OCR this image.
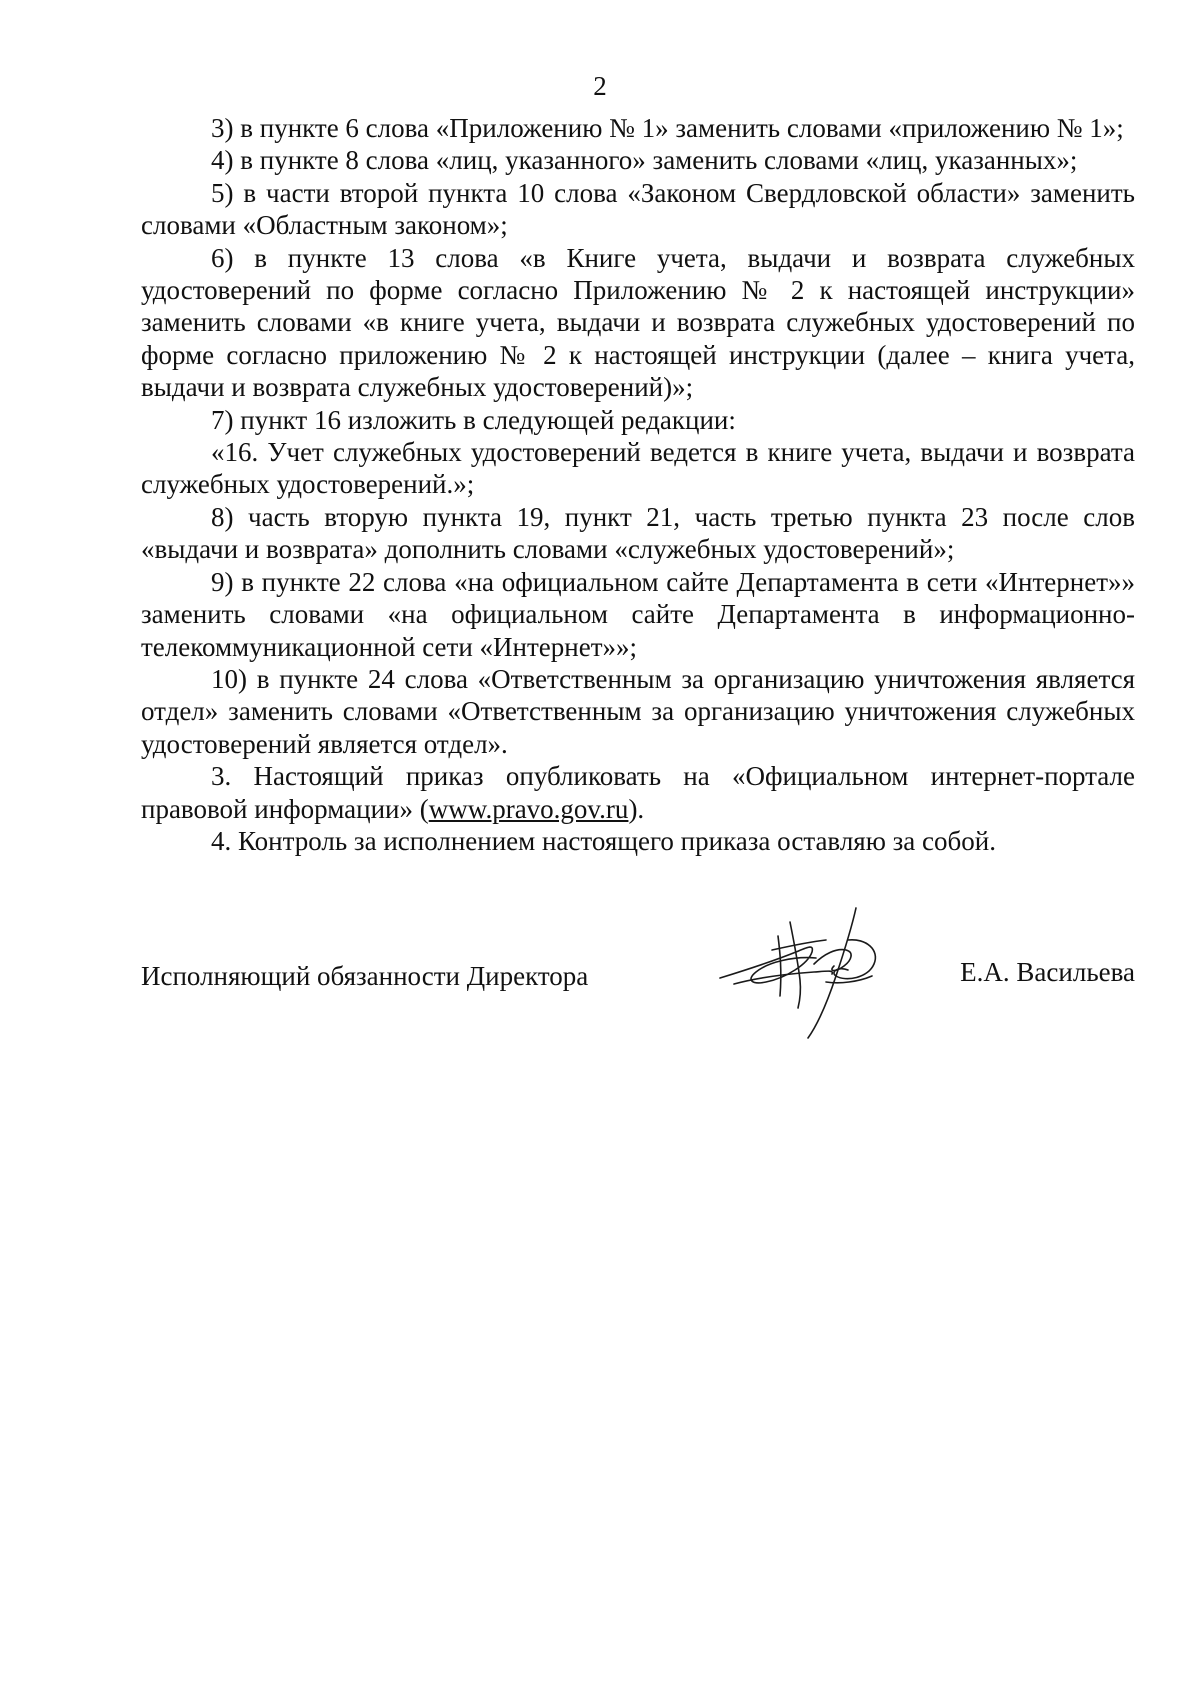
2

3) в пункте 6 слова «Приложению № 1» заменить словами «приложению № 1»;

4) в пункте 8 слова «лиц, указанного» заменить словами «лиц, указанных»;

5) в части второй пункта 10 слова «Законом Свердловской области» заменить словами «Областным законом»;

6) в пункте 13 слова «в Книге учета, выдачи и возврата служебных удостоверений по форме согласно Приложению № 2 к настоящей инструкции» заменить словами «в книге учета, выдачи и возврата служебных удостоверений по форме согласно приложению № 2 к настоящей инструкции (далее – книга учета, выдачи и возврата служебных удостоверений)»;

7) пункт 16 изложить в следующей редакции:

«16. Учет служебных удостоверений ведется в книге учета, выдачи и возврата служебных удостоверений.»;

8) часть вторую пункта 19, пункт 21, часть третью пункта 23 после слов «выдачи и возврата» дополнить словами «служебных удостоверений»;

9) в пункте 22 слова «на официальном сайте Департамента в сети «Интернет»» заменить словами «на официальном сайте Департамента в информационно-телекоммуникационной сети «Интернет»»;

10) в пункте 24 слова «Ответственным за организацию уничтожения является отдел» заменить словами «Ответственным за организацию уничтожения служебных удостоверений является отдел».

3. Настоящий приказ опубликовать на «Официальном интернет-портале правовой информации» (www.pravo.gov.ru).

4. Контроль за исполнением настоящего приказа оставляю за собой.

Исполняющий обязанности Директора	Е.А. Васильева
